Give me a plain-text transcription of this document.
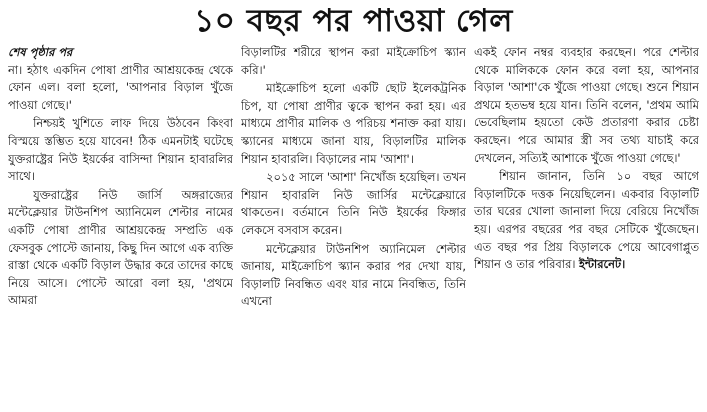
১০ বছর পর পাওয়া গেল
শেষ পৃষ্ঠার পর

না। হঠাৎ একদিন পোষা প্রাণীর আশ্রয়কেন্দ্র থেকে ফোন এল। বলা হলো, 'আপনার বিড়াল খুঁজে পাওয়া গেছে।'

নিশ্চয়ই খুশিতে লাফ দিয়ে উঠবেন কিংবা বিস্ময়ে স্তম্ভিত হয়ে যাবেন! ঠিক এমনটাই ঘটেছে যুক্তরাষ্ট্রের নিউ ইয়র্কের বাসিন্দা শিয়ান হাবারলির সাথে।

যুক্তরাষ্ট্রের নিউ জার্সি অঙ্গরাজ্যের মন্টেক্লেয়ার টাউনশিপ অ্যানিমেল শেল্টার নামের একটি পোষা প্রাণীর আশ্রয়কেন্দ্র সম্প্রতি এক ফেসবুক পোস্টে জানায়, কিছু দিন আগে এক ব্যক্তি রাস্তা থেকে একটি বিড়াল উদ্ধার করে তাদের কাছে নিয়ে আসে। পোস্টে আরো বলা হয়, 'প্রথমে আমরা

বিড়ালটির শরীরে স্থাপন করা মাইক্রোচিপ স্ক্যান করি।'

মাইক্রোচিপ হলো একটি ছোট ইলেকট্রনিক চিপ, যা পোষা প্রাণীর ত্বকে স্থাপন করা হয়। এর মাধ্যমে প্রাণীর মালিক ও পরিচয় শনাক্ত করা যায়। স্ক্যানের মাধ্যমে জানা যায়, বিড়ালটির মালিক শিয়ান হাবারলি। বিড়ালের নাম 'আশা'।

২০১৫ সালে 'আশা' নিখোঁজ হয়েছিল। তখন শিয়ান হাবারলি নিউ জার্সির মন্টেক্লেয়ারে থাকতেন। বর্তমানে তিনি নিউ ইয়র্কের ফিঙ্গার লেকসে বসবাস করেন।

মন্টেক্লেয়ার টাউনশিপ অ্যানিমেল শেল্টার জানায়, মাইক্রোচিপ স্ক্যান করার পর দেখা যায়, বিড়ালটি নিবন্ধিত এবং যার নামে নিবন্ধিত, তিনি এখনো

একই ফোন নম্বর ব্যবহার করছেন। পরে শেল্টার থেকে মালিককে ফোন করে বলা হয়, আপনার বিড়াল 'আশা'কে খুঁজে পাওয়া গেছে। শুনে শিয়ান প্রথমে হতভম্ব হয়ে যান। তিনি বলেন, 'প্রথম আমি ভেবেছিলাম হয়তো কেউ প্রতারণা করার চেষ্টা করছেন। পরে আমার স্ত্রী সব তথ্য যাচাই করে দেখলেন, সত্যিই আশাকে খুঁজে পাওয়া গেছে।'

শিয়ান জানান, তিনি ১০ বছর আগে বিড়ালটিকে দত্তক নিয়েছিলেন। একবার বিড়ালটি তার ঘরের খোলা জানালা দিয়ে বেরিয়ে নিখোঁজ হয়। এরপর বছরের পর বছর সেটিকে খুঁজেছেন। এত বছর পর প্রিয় বিড়ালকে পেয়ে আবেগাপ্লুত শিয়ান ও তার পরিবার। ইন্টারনেট।
